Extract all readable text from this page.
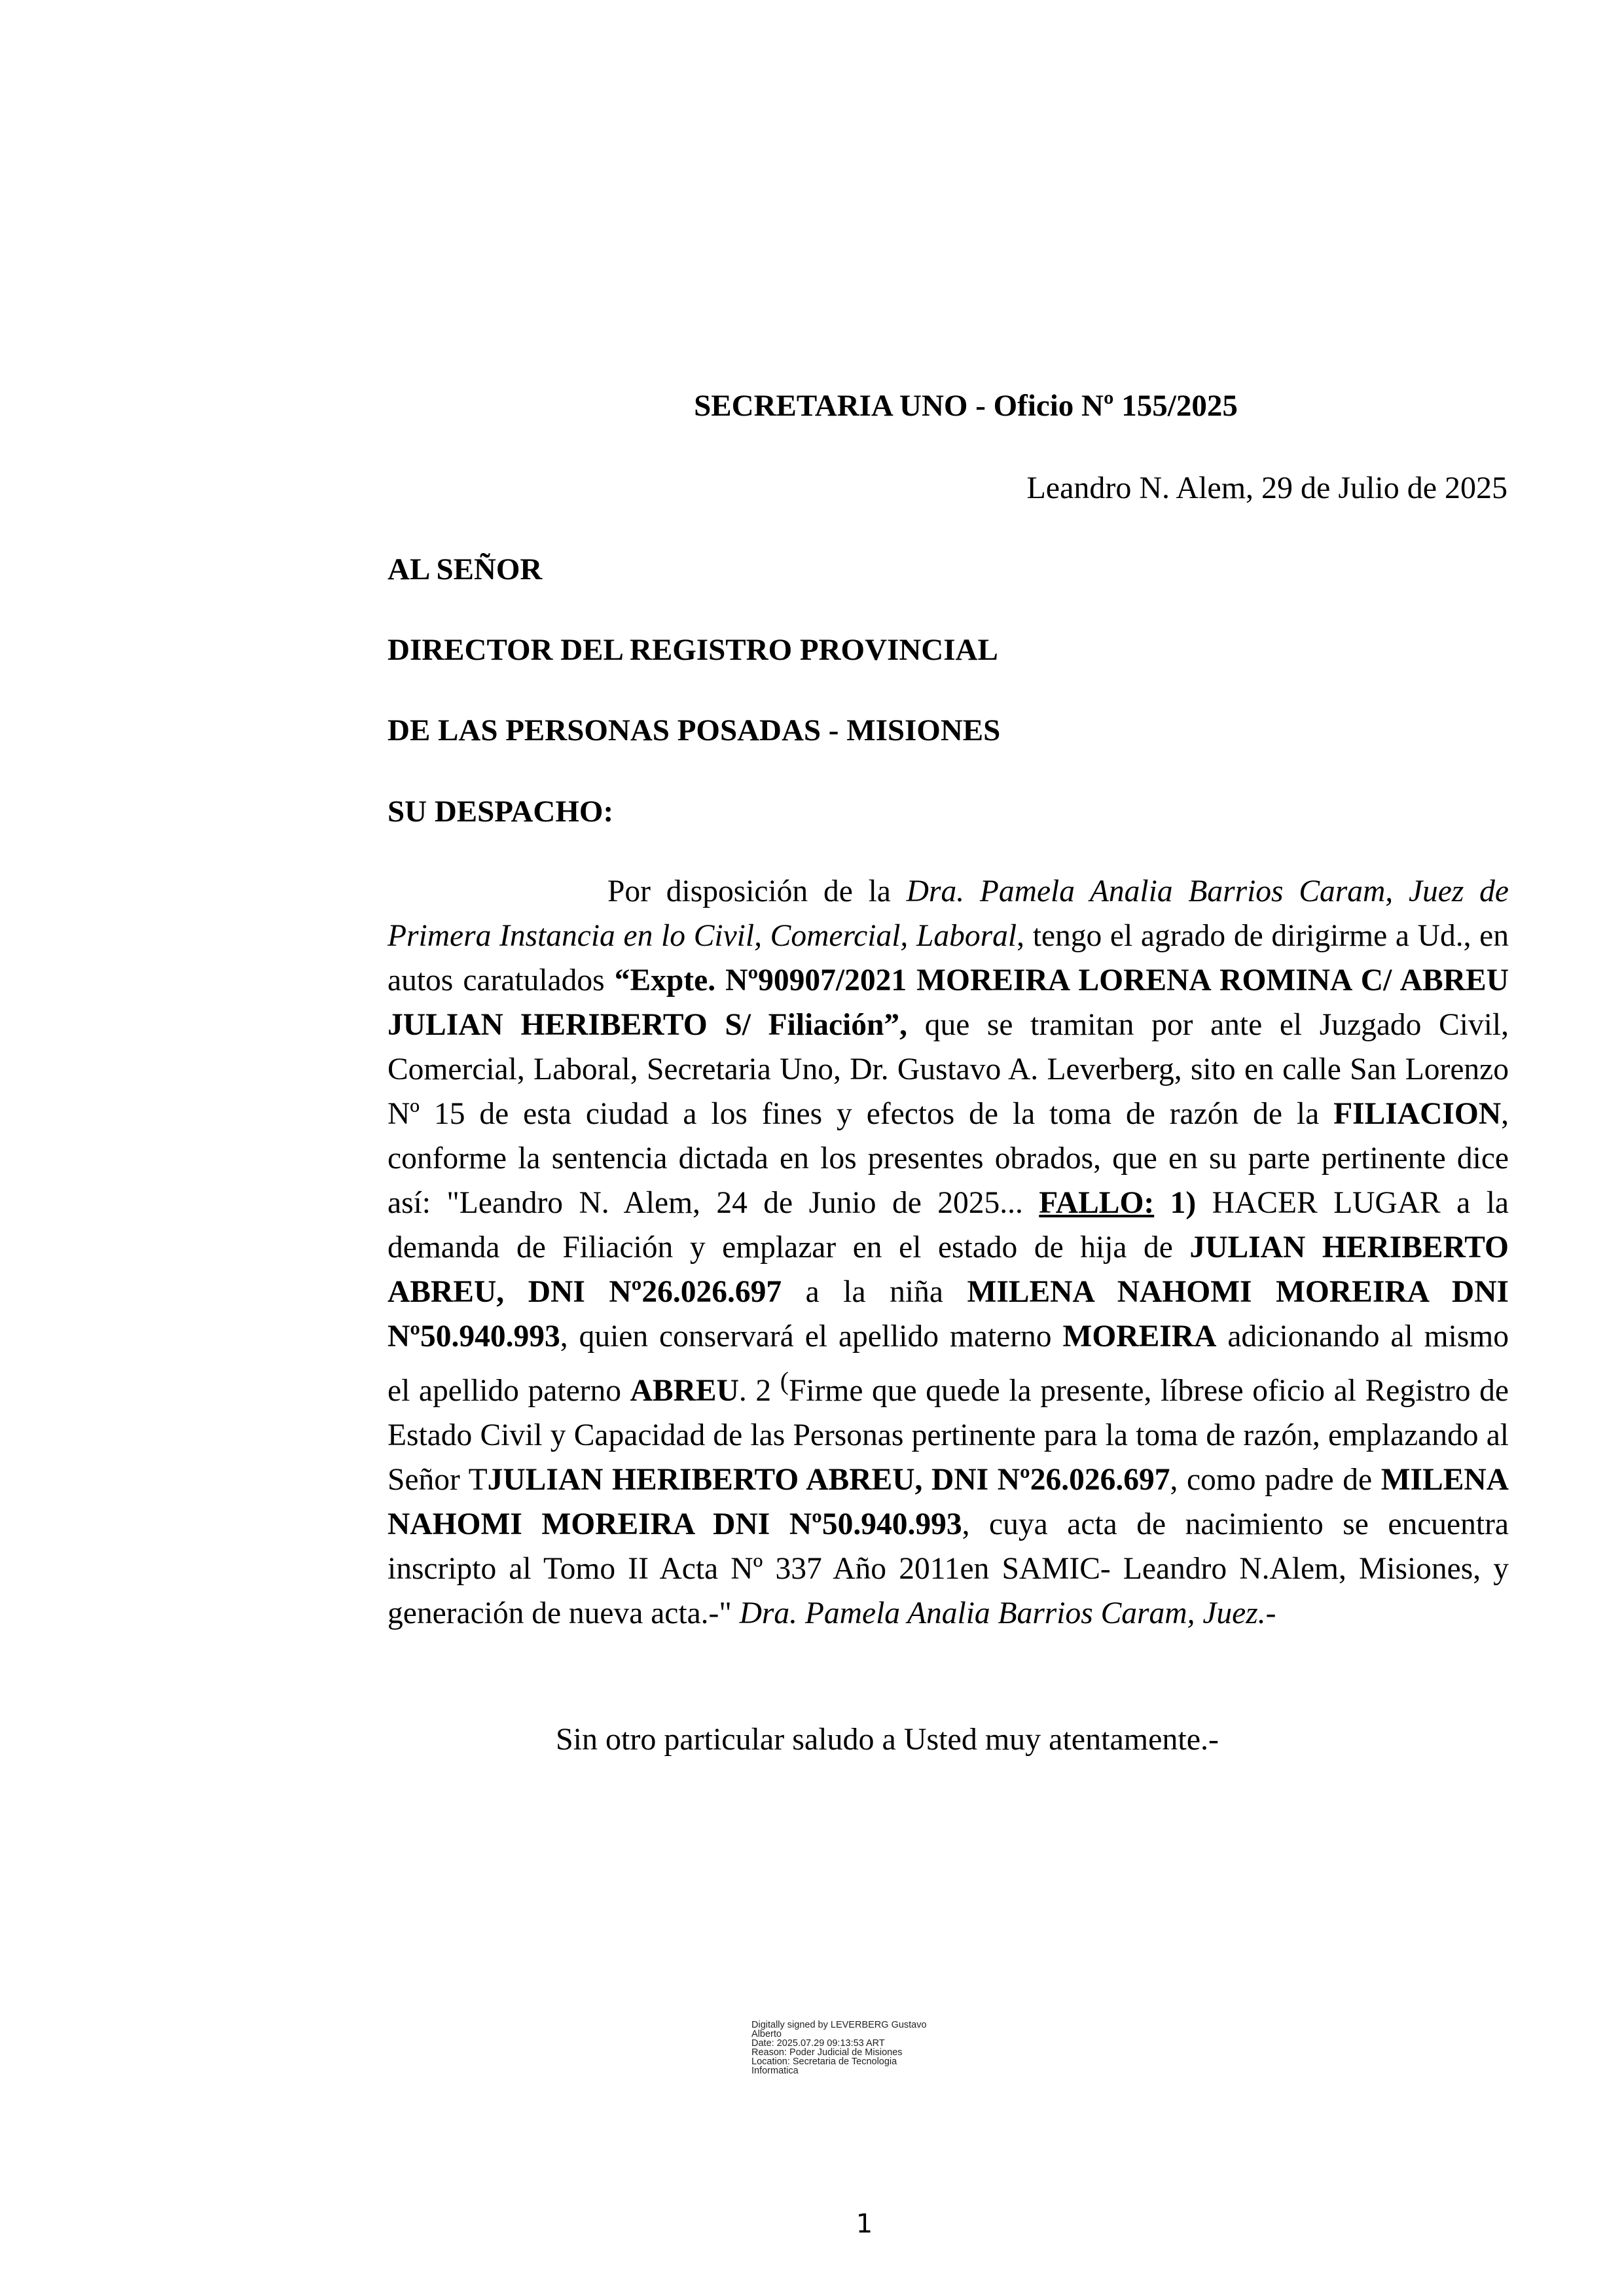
SECRETARIA UNO - Oficio Nº 155/2025
Leandro N. Alem, 29 de Julio de 2025
AL SEÑOR
DIRECTOR DEL REGISTRO PROVINCIAL
DE LAS PERSONAS POSADAS - MISIONES
SU DESPACHO:

Por disposición de la Dra. Pamela Analia Barrios Caram, Juez de Primera Instancia en lo Civil, Comercial, Laboral, tengo el agrado de dirigirme a Ud., en autos caratulados “Expte. Nº90907/2021 MOREIRA LORENA ROMINA C/ ABREU JULIAN HERIBERTO S/ Filiación”, que se tramitan por ante el Juzgado Civil, Comercial, Laboral, Secretaria Uno, Dr. Gustavo A. Leverberg, sito en calle San Lorenzo Nº 15 de esta ciudad a los fines y efectos de la toma de razón de la FILIACION, conforme la sentencia dictada en los presentes obrados, que en su parte pertinente dice así: "Leandro N. Alem, 24 de Junio de 2025... FALLO: 1) HACER LUGAR a la demanda de Filiación y emplazar en el estado de hija de JULIAN HERIBERTO ABREU, DNI Nº26.026.697 a la niña MILENA NAHOMI MOREIRA DNI Nº50.940.993, quien conservará el apellido materno MOREIRA adicionando al mismo el apellido paterno ABREU. 2 (Firme que quede la presente, líbrese oficio al Registro de Estado Civil y Capacidad de las Personas pertinente para la toma de razón, emplazando al Señor TJULIAN HERIBERTO ABREU, DNI Nº26.026.697, como padre de MILENA NAHOMI MOREIRA DNI Nº50.940.993, cuya acta de nacimiento se encuentra inscripto al Tomo II Acta Nº 337 Año 2011en SAMIC- Leandro N.Alem, Misiones, y generación de nueva acta.-" Dra. Pamela Analia Barrios Caram, Juez.-

Sin otro particular saludo a Usted muy atentamente.-
Digitally signed by LEVERBERG Gustavo
Alberto
Date: 2025.07.29 09:13:53 ART
Reason: Poder Judicial de Misiones
Location: Secretaria de Tecnologia
Informatica
1
